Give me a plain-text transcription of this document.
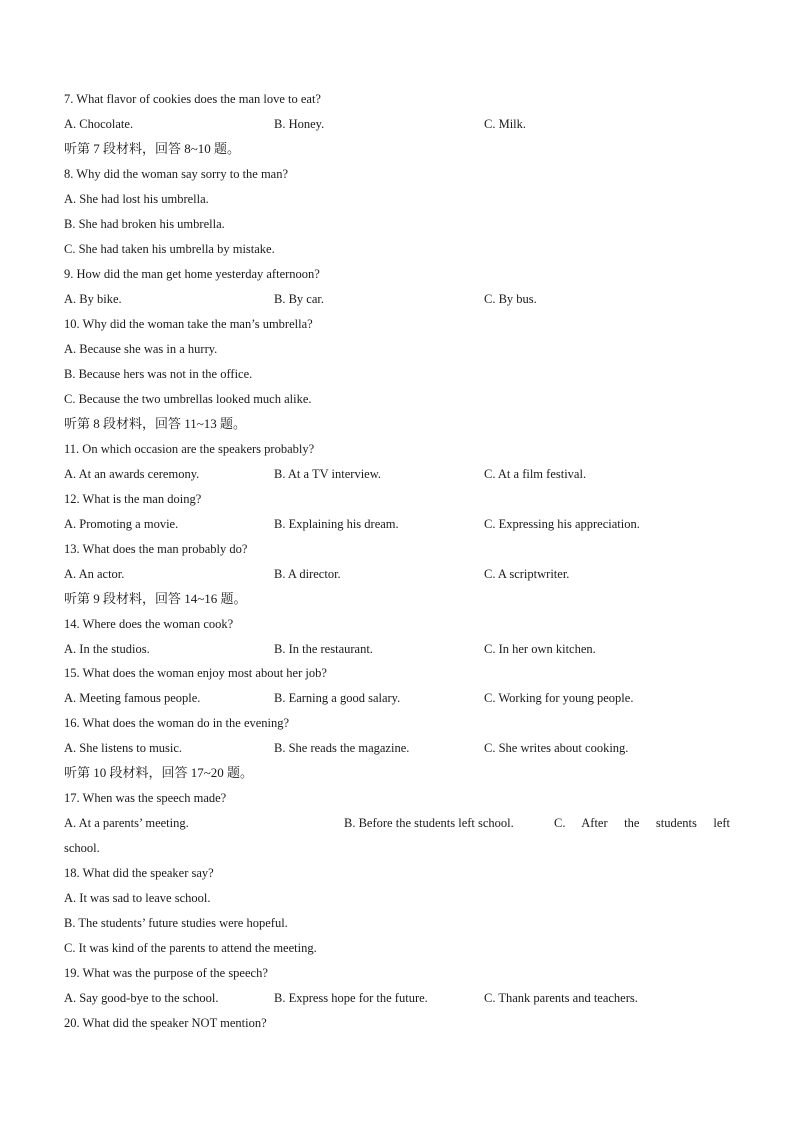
7. What flavor of cookies does the man love to eat?
A. Chocolate.	B. Honey.	C. Milk.
听第 7 段材料，回答 8~10 题。
8. Why did the woman say sorry to the man?
A. She had lost his umbrella.
B. She had broken his umbrella.
C. She had taken his umbrella by mistake.
9. How did the man get home yesterday afternoon?
A. By bike.	B. By car.	C. By bus.
10. Why did the woman take the man’s umbrella?
A. Because she was in a hurry.
B. Because hers was not in the office.
C. Because the two umbrellas looked much alike.
听第 8 段材料，回答 11~13 题。
11. On which occasion are the speakers probably?
A. At an awards ceremony.	B. At a TV interview.	C. At a film festival.
12. What is the man doing?
A. Promoting a movie.	B. Explaining his dream.	C. Expressing his appreciation.
13. What does the man probably do?
A. An actor.	B. A director.	C. A scriptwriter.
听第 9 段材料，回答 14~16 题。
14. Where does the woman cook?
A. In the studios.	B. In the restaurant.	C. In her own kitchen.
15. What does the woman enjoy most about her job?
A. Meeting famous people.	B. Earning a good salary.	C. Working for young people.
16. What does the woman do in the evening?
A. She listens to music.	B. She reads the magazine.	C. She writes about cooking.
听第 10 段材料，回答 17~20 题。
17. When was the speech made?
A. At a parents’ meeting.	B. Before the students left school.	C. After the students left
school.
18. What did the speaker say?
A. It was sad to leave school.
B. The students’ future studies were hopeful.
C. It was kind of the parents to attend the meeting.
19. What was the purpose of the speech?
A. Say good-bye to the school.	B. Express hope for the future.	C. Thank parents and teachers.
20. What did the speaker NOT mention?
